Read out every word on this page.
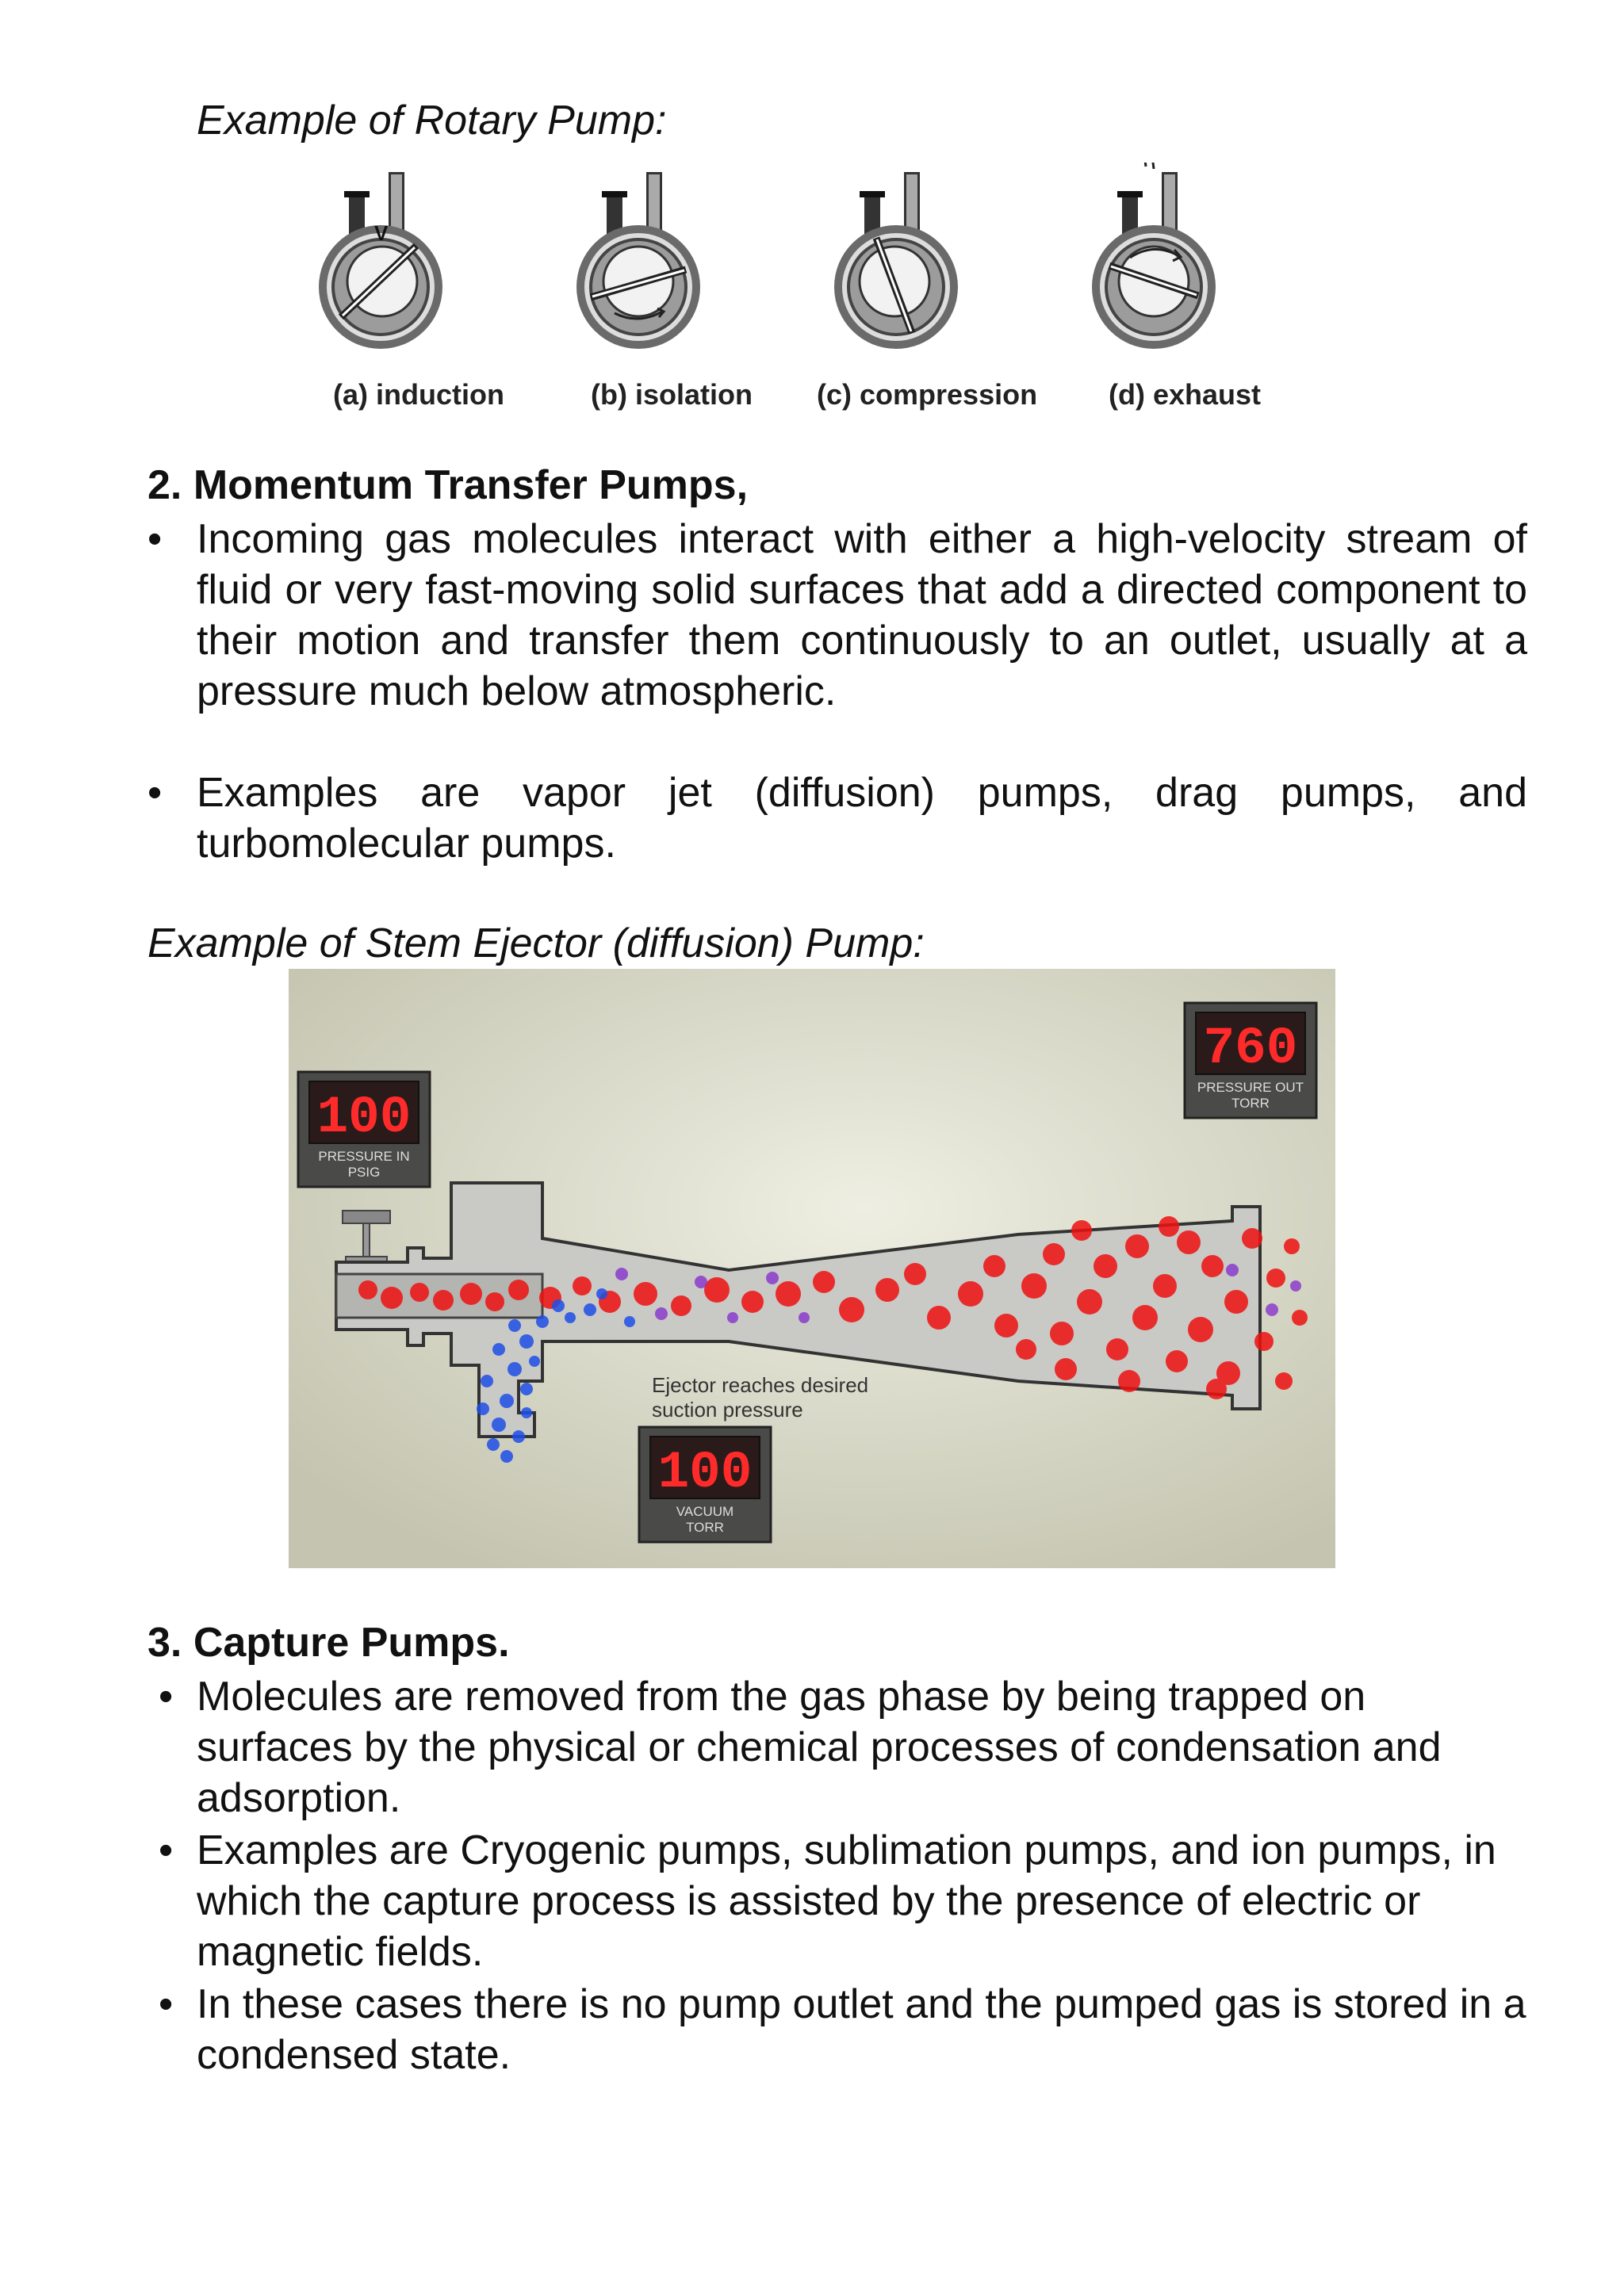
Example of Rotary Pump:

V
(a) induction	(b) isolation (c) compression (d) exhaust
2. Momentum Transfer Pumps,
• Incoming gas molecules interact with either a high-velocity stream of fluid or very fast-moving solid surfaces that add a directed component to their motion and transfer them continuously to an outlet, usually at a pressure much below atmospheric.
• Examples are vapor jet (diffusion) pumps, drag pumps, and turbomolecular pumps.

Example of Stem Ejector (diffusion) Pump:

100
PRESSURE IN
PSIG
760
PRESSURE OUT
TORR
100
VACUUM
TORR
Ejector reaches desired
suction pressure
3. Capture Pumps.
• Molecules are removed from the gas phase by being trapped on surfaces by the physical or chemical processes of condensation and adsorption.
• Examples are Cryogenic pumps, sublimation pumps, and ion pumps, in which the capture process is assisted by the presence of electric or magnetic fields.
• In these cases there is no pump outlet and the pumped gas is stored in a condensed state.
